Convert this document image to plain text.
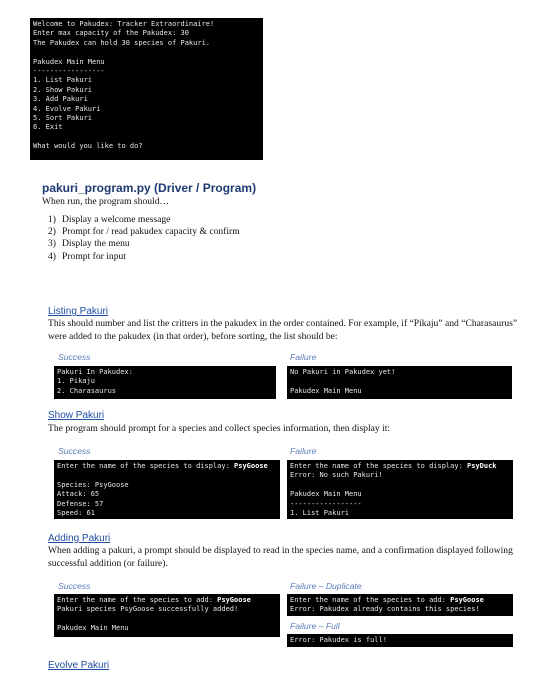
Welcome to Pakudex: Tracker Extraordinaire!
Enter max capacity of the Pakudex: 30
The Pakudex can hold 30 species of Pakuri.

Pakudex Main Menu
-----------------
1. List Pakuri
2. Show Pakuri
3. Add Pakuri
4. Evolve Pakuri
5. Sort Pakuri
6. Exit

What would you like to do?
pakuri_program.py (Driver / Program)
When run, the program should…
1) Display a welcome message
2) Prompt for / read pakudex capacity & confirm
3) Display the menu
4) Prompt for input
Listing Pakuri
This should number and list the critters in the pakudex in the order contained. For example, if “Pikaju” and “Charasaurus” were added to the pakudex (in that order), before sorting, the list should be:
Success	Failure
Pakuri In Pakudex:
1. Pikaju
2. Charasaurus
No Pakuri in Pakudex yet!

Pakudex Main Menu
Show Pakuri
The program should prompt for a species and collect species information, then display it:
Success	Failure
Enter the name of the species to display: PsyGoose

Species: PsyGoose
Attack: 65
Defense: 57
Speed: 61
Enter the name of the species to display: PsyDuck
Error: No such Pakuri!

Pakudex Main Menu
-----------------
1. List Pakuri
Adding Pakuri
When adding a pakuri, a prompt should be displayed to read in the species name, and a confirmation displayed following successful addition (or failure).
Success	Failure – Duplicate
Enter the name of the species to add: PsyGoose
Pakuri species PsyGoose successfully added!

Pakudex Main Menu
-----------------
Enter the name of the species to add: PsyGoose
Error: Pakudex already contains this species!
Failure – Full
Error: Pakudex is full!
Evolve Pakuri
